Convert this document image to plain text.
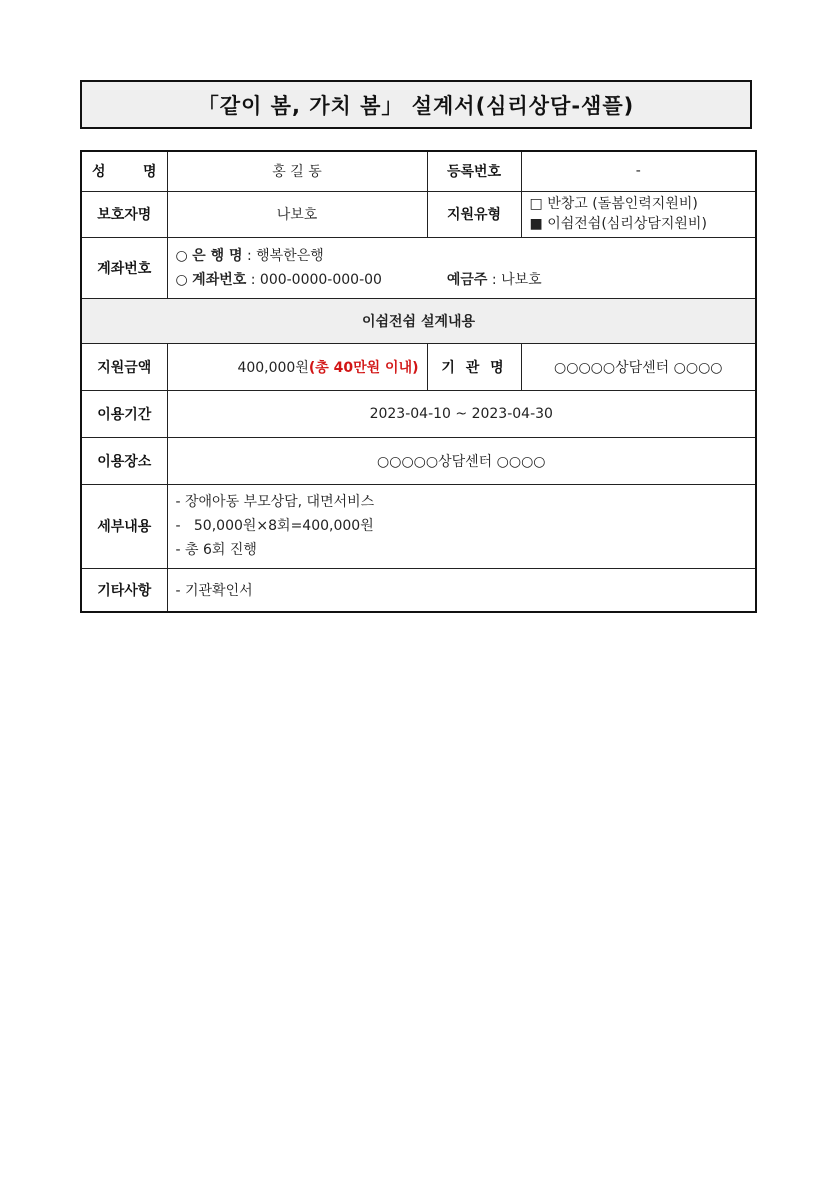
「같이 봄, 가치 봄」 설계서(심리상담-샘플)
성 명	홍 길 동	등록번호	-
보호자명	나보호	지원유형	□ 반창고 (돌봄인력지원비)
■ 이쉼전쉼(심리상담지원비)

계좌번호	○ 은 행 명 : 행복한은행
○ 계좌번호 : 000-0000-000-00 예금주 : 나보호		

이쉼전쉼 설계내용			
지원금액	400,000원(총 40만원 이내)	기 관 명	○○○○○상담센터 ○○○○
이용기간	2023-04-10 ~ 2023-04-30		
이용장소	○○○○○상담센터 ○○○○		
세부내용	- 장애아동 부모상담, 대면서비스
-   50,000원×8회=400,000원
- 총 6회 진행		

기타사항	- 기관확인서		
